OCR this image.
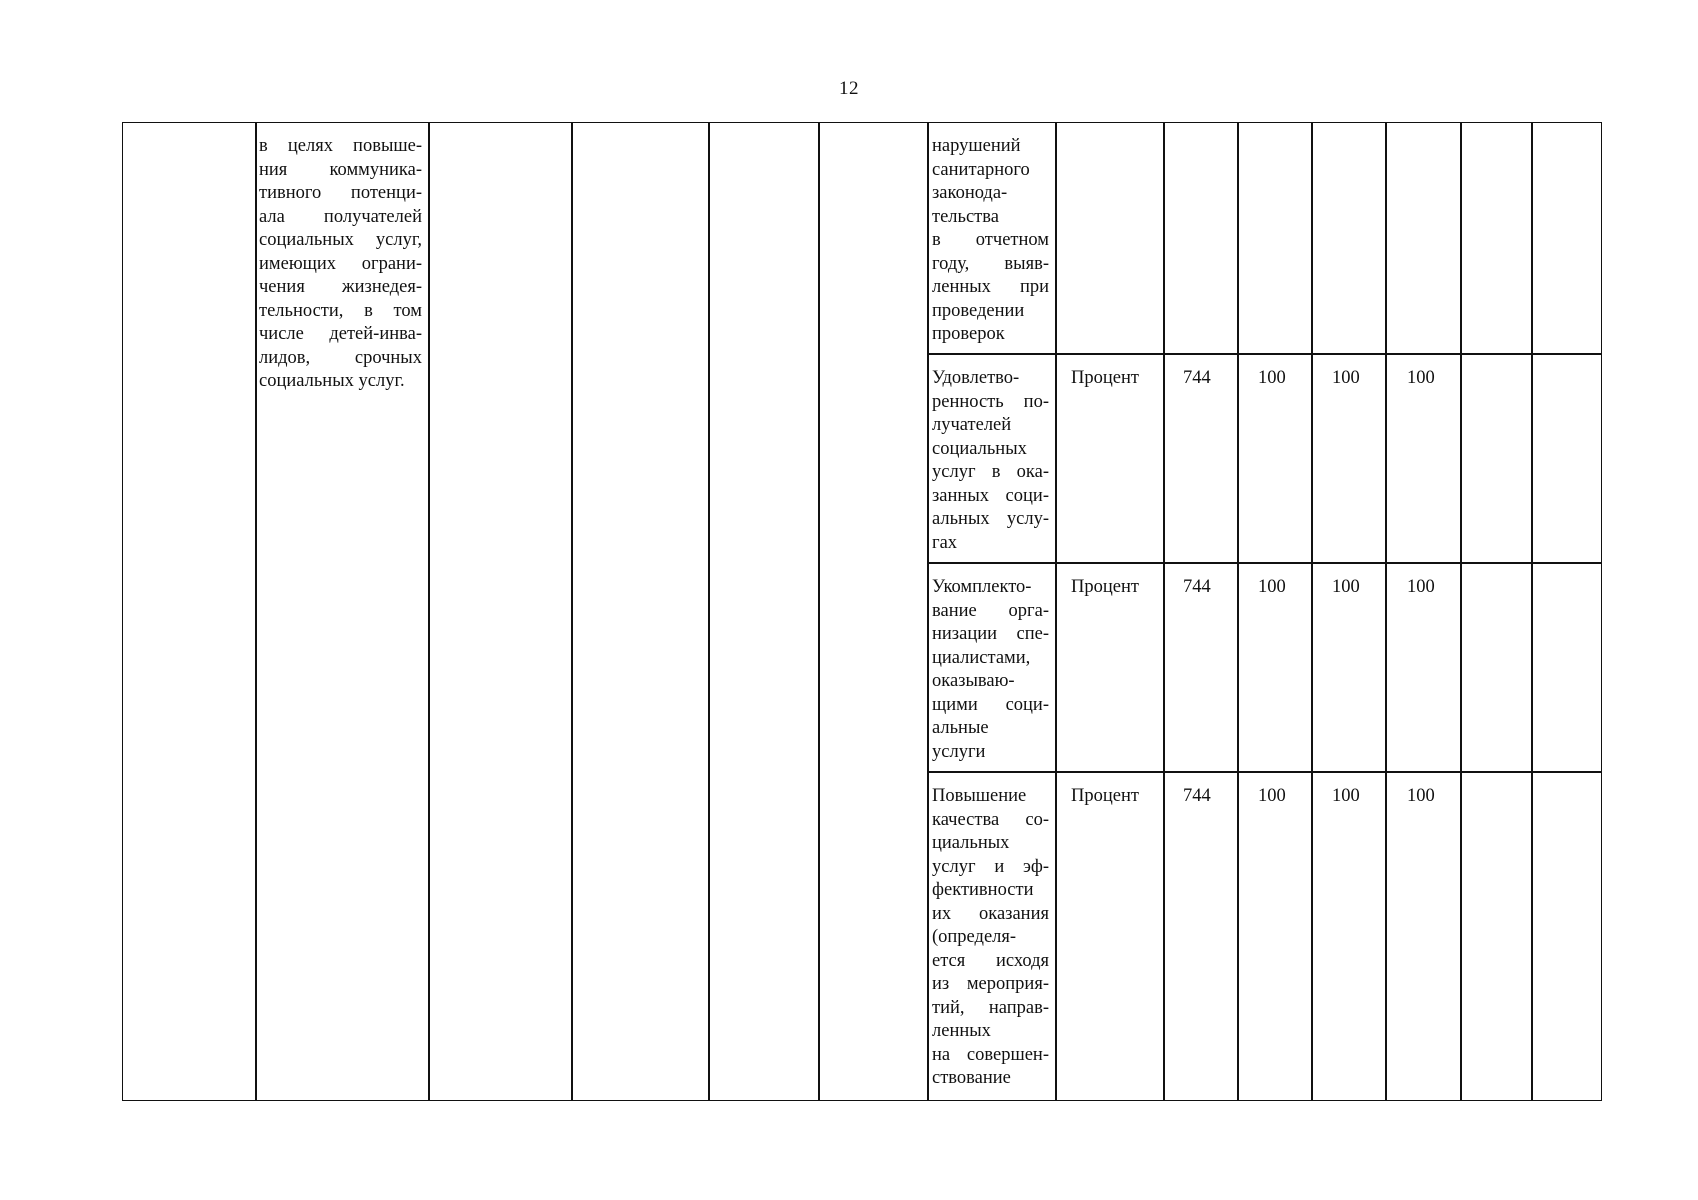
12
в целях повыше-
ния коммуника-
тивного потенци-
ала получателей
социальных услуг,
имеющих ограни-
чения жизнедея-
тельности, в том
числе детей-инва-
лидов, срочных
социальных услуг.
нарушений
санитарного
законода-
тельства
в отчетном
году, выяв-
ленных при
проведении
проверок
Удовлетво-
ренность по-
лучателей
социальных
услуг в ока-
занных соци-
альных услу-
гах
Процент 744	100	100	100
Укомплекто-
вание орга-
низации спе-
циалистами,
оказываю-
щими соци-
альные
услуги
Процент 744	100	100	100
Повышение
качества со-
циальных
услуг и эф-
фективности
их оказания
(определя-
ется исходя
из мероприя-
тий, направ-
ленных
на совершен-
ствование
Процент 744	100	100	100
